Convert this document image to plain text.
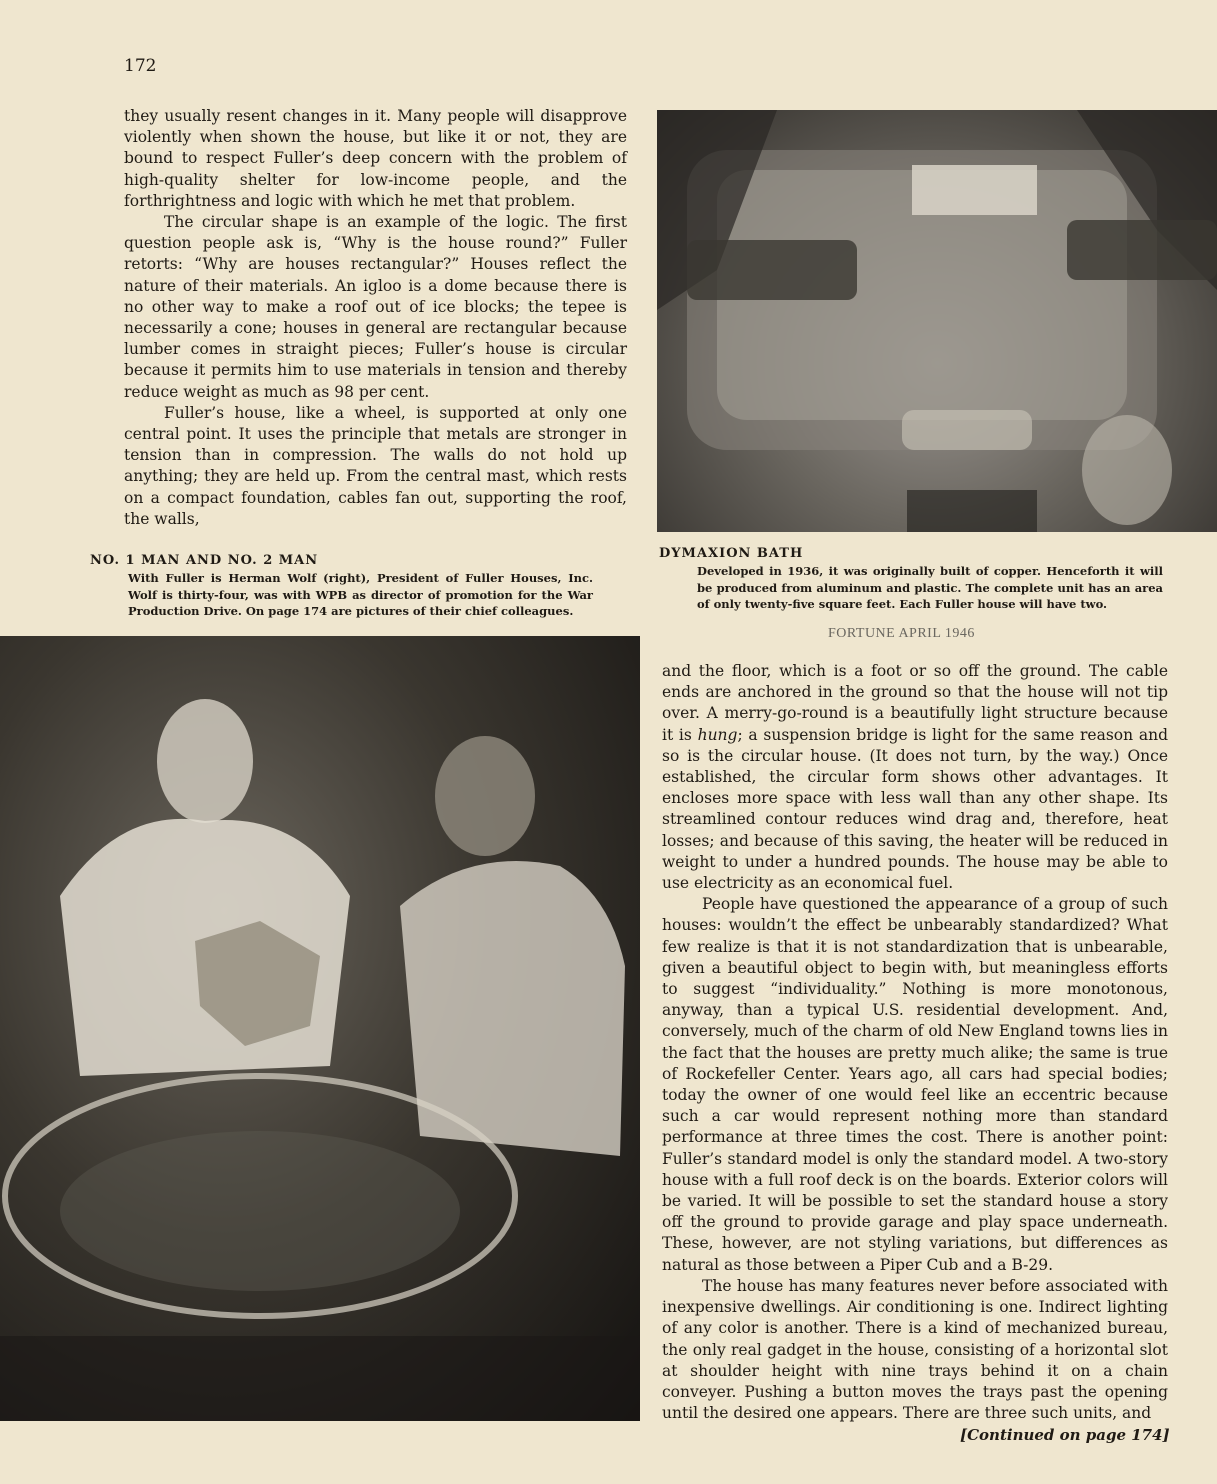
172

they usually resent changes in it. Many people will disapprove violently when shown the house, but like it or not, they are bound to respect Fuller’s deep concern with the problem of high-quality shelter for low-income people, and the forthrightness and logic with which he met that problem.

The circular shape is an example of the logic. The first question people ask is, “Why is the house round?” Fuller retorts: “Why are houses rectangular?” Houses reflect the nature of their materials. An igloo is a dome because there is no other way to make a roof out of ice blocks; the tepee is necessarily a cone; houses in general are rectangular because lumber comes in straight pieces; Fuller’s house is circular because it permits him to use materials in tension and thereby reduce weight as much as 98 per cent.

Fuller’s house, like a wheel, is supported at only one central point. It uses the principle that metals are stronger in tension than in compression. The walls do not hold up anything; they are held up. From the central mast, which rests on a compact foundation, cables fan out, supporting the roof, the walls,

NO. 1 MAN AND NO. 2 MAN
With Fuller is Herman Wolf (right), President of Fuller Houses, Inc. Wolf is thirty-four, was with WPB as director of promotion for the War Production Drive. On page 174 are pictures of their chief colleagues.
DYMAXION BATH
Developed in 1936, it was originally built of copper. Henceforth it will be produced from aluminum and plastic. The complete unit has an area of only twenty-five square feet. Each Fuller house will have two.
FORTUNE APRIL 1946

and the floor, which is a foot or so off the ground. The cable ends are anchored in the ground so that the house will not tip over. A merry-go-round is a beautifully light structure because it is hung; a suspension bridge is light for the same reason and so is the circular house. (It does not turn, by the way.) Once established, the circular form shows other advantages. It encloses more space with less wall than any other shape. Its streamlined contour reduces wind drag and, therefore, heat losses; and because of this saving, the heater will be reduced in weight to under a hundred pounds. The house may be able to use electricity as an economical fuel.

People have questioned the appearance of a group of such houses: wouldn’t the effect be unbearably standardized? What few realize is that it is not standardization that is unbearable, given a beautiful object to begin with, but meaningless efforts to suggest “individuality.” Nothing is more monotonous, anyway, than a typical U.S. residential development. And, conversely, much of the charm of old New England towns lies in the fact that the houses are pretty much alike; the same is true of Rockefeller Center. Years ago, all cars had special bodies; today the owner of one would feel like an eccentric because such a car would represent nothing more than standard performance at three times the cost. There is another point: Fuller’s standard model is only the standard model. A two-story house with a full roof deck is on the boards. Exterior colors will be varied. It will be possible to set the standard house a story off the ground to provide garage and play space underneath. These, however, are not styling variations, but differences as natural as those between a Piper Cub and a B-29.

The house has many features never before associated with inexpensive dwellings. Air conditioning is one. Indirect lighting of any color is another. There is a kind of mechanized bureau, the only real gadget in the house, consisting of a horizontal slot at shoulder height with nine trays behind it on a chain conveyer. Pushing a button moves the trays past the opening until the desired one appears. There are three such units, and

[Continued on page 174]
